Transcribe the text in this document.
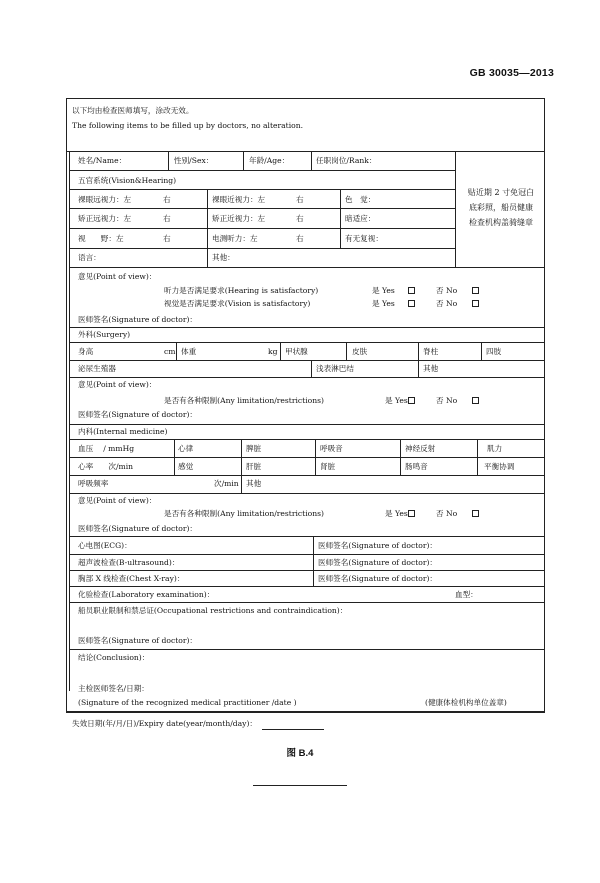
GB 30035—2013
以下均由检查医师填写，涂改无效。
The following items to be filled up by doctors, no alteration.
姓名/Name：	性别/Sex：	年龄/Age：	任职岗位/Rank：
贴近期 2 寸免冠白
底彩照，船员健康
检查机构盖骑缝章
五官系统(Vision&Hearing)
裸眼远视力：左	右	裸眼近视力：左	右	色　觉：
矫正远视力：左	右	矫正近视力：左	右	暗适应：
视　　野：左	右	电测听力：左	右	有无复视：
语言：	其他：
意见(Point of view)：
听力是否满足要求(Hearing is satisfactory)	是 Yes	否 No
视觉是否满足要求(Vision is satisfactory)	是 Yes	否 No
医师签名(Signature of doctor)：
外科(Surgery)
身高	cm 体重	kg 甲状腺	皮肤	脊柱	四肢
泌尿生殖器	浅表淋巴结	其他
意见(Point of view)：
是否有各种限制(Any limitation/restrictions)	是 Yes	否 No
医师签名(Signature of doctor)：
内科(Internal medicine)
血压　 / mmHg	心律	脾脏	呼吸音	神经反射	肌力
心率　　次/min	感觉	肝脏	肾脏	肠鸣音	平衡协调
呼吸频率	次/min 其他
意见(Point of view)：
是否有各种限制(Any limitation/restrictions)	是 Yes	否 No
医师签名(Signature of doctor)：
心电图(ECG)：	医师签名(Signature of doctor)：
超声波检查(B-ultrasound)：	医师签名(Signature of doctor)：
胸部 X 线检查(Chest X-ray)：	医师签名(Signature of doctor)：
化验检查(Laboratory examination)：	血型：
船员职业限制和禁忌证(Occupational restrictions and contraindication)：
医师签名(Signature of doctor)：
结论(Conclusion)：
主检医师签名/日期：
(Signature of the recognized medical practitioner /date )	(健康体检机构单位盖章)
失效日期(年/月/日)/Expiry date(year/month/day)：
图 B.4
